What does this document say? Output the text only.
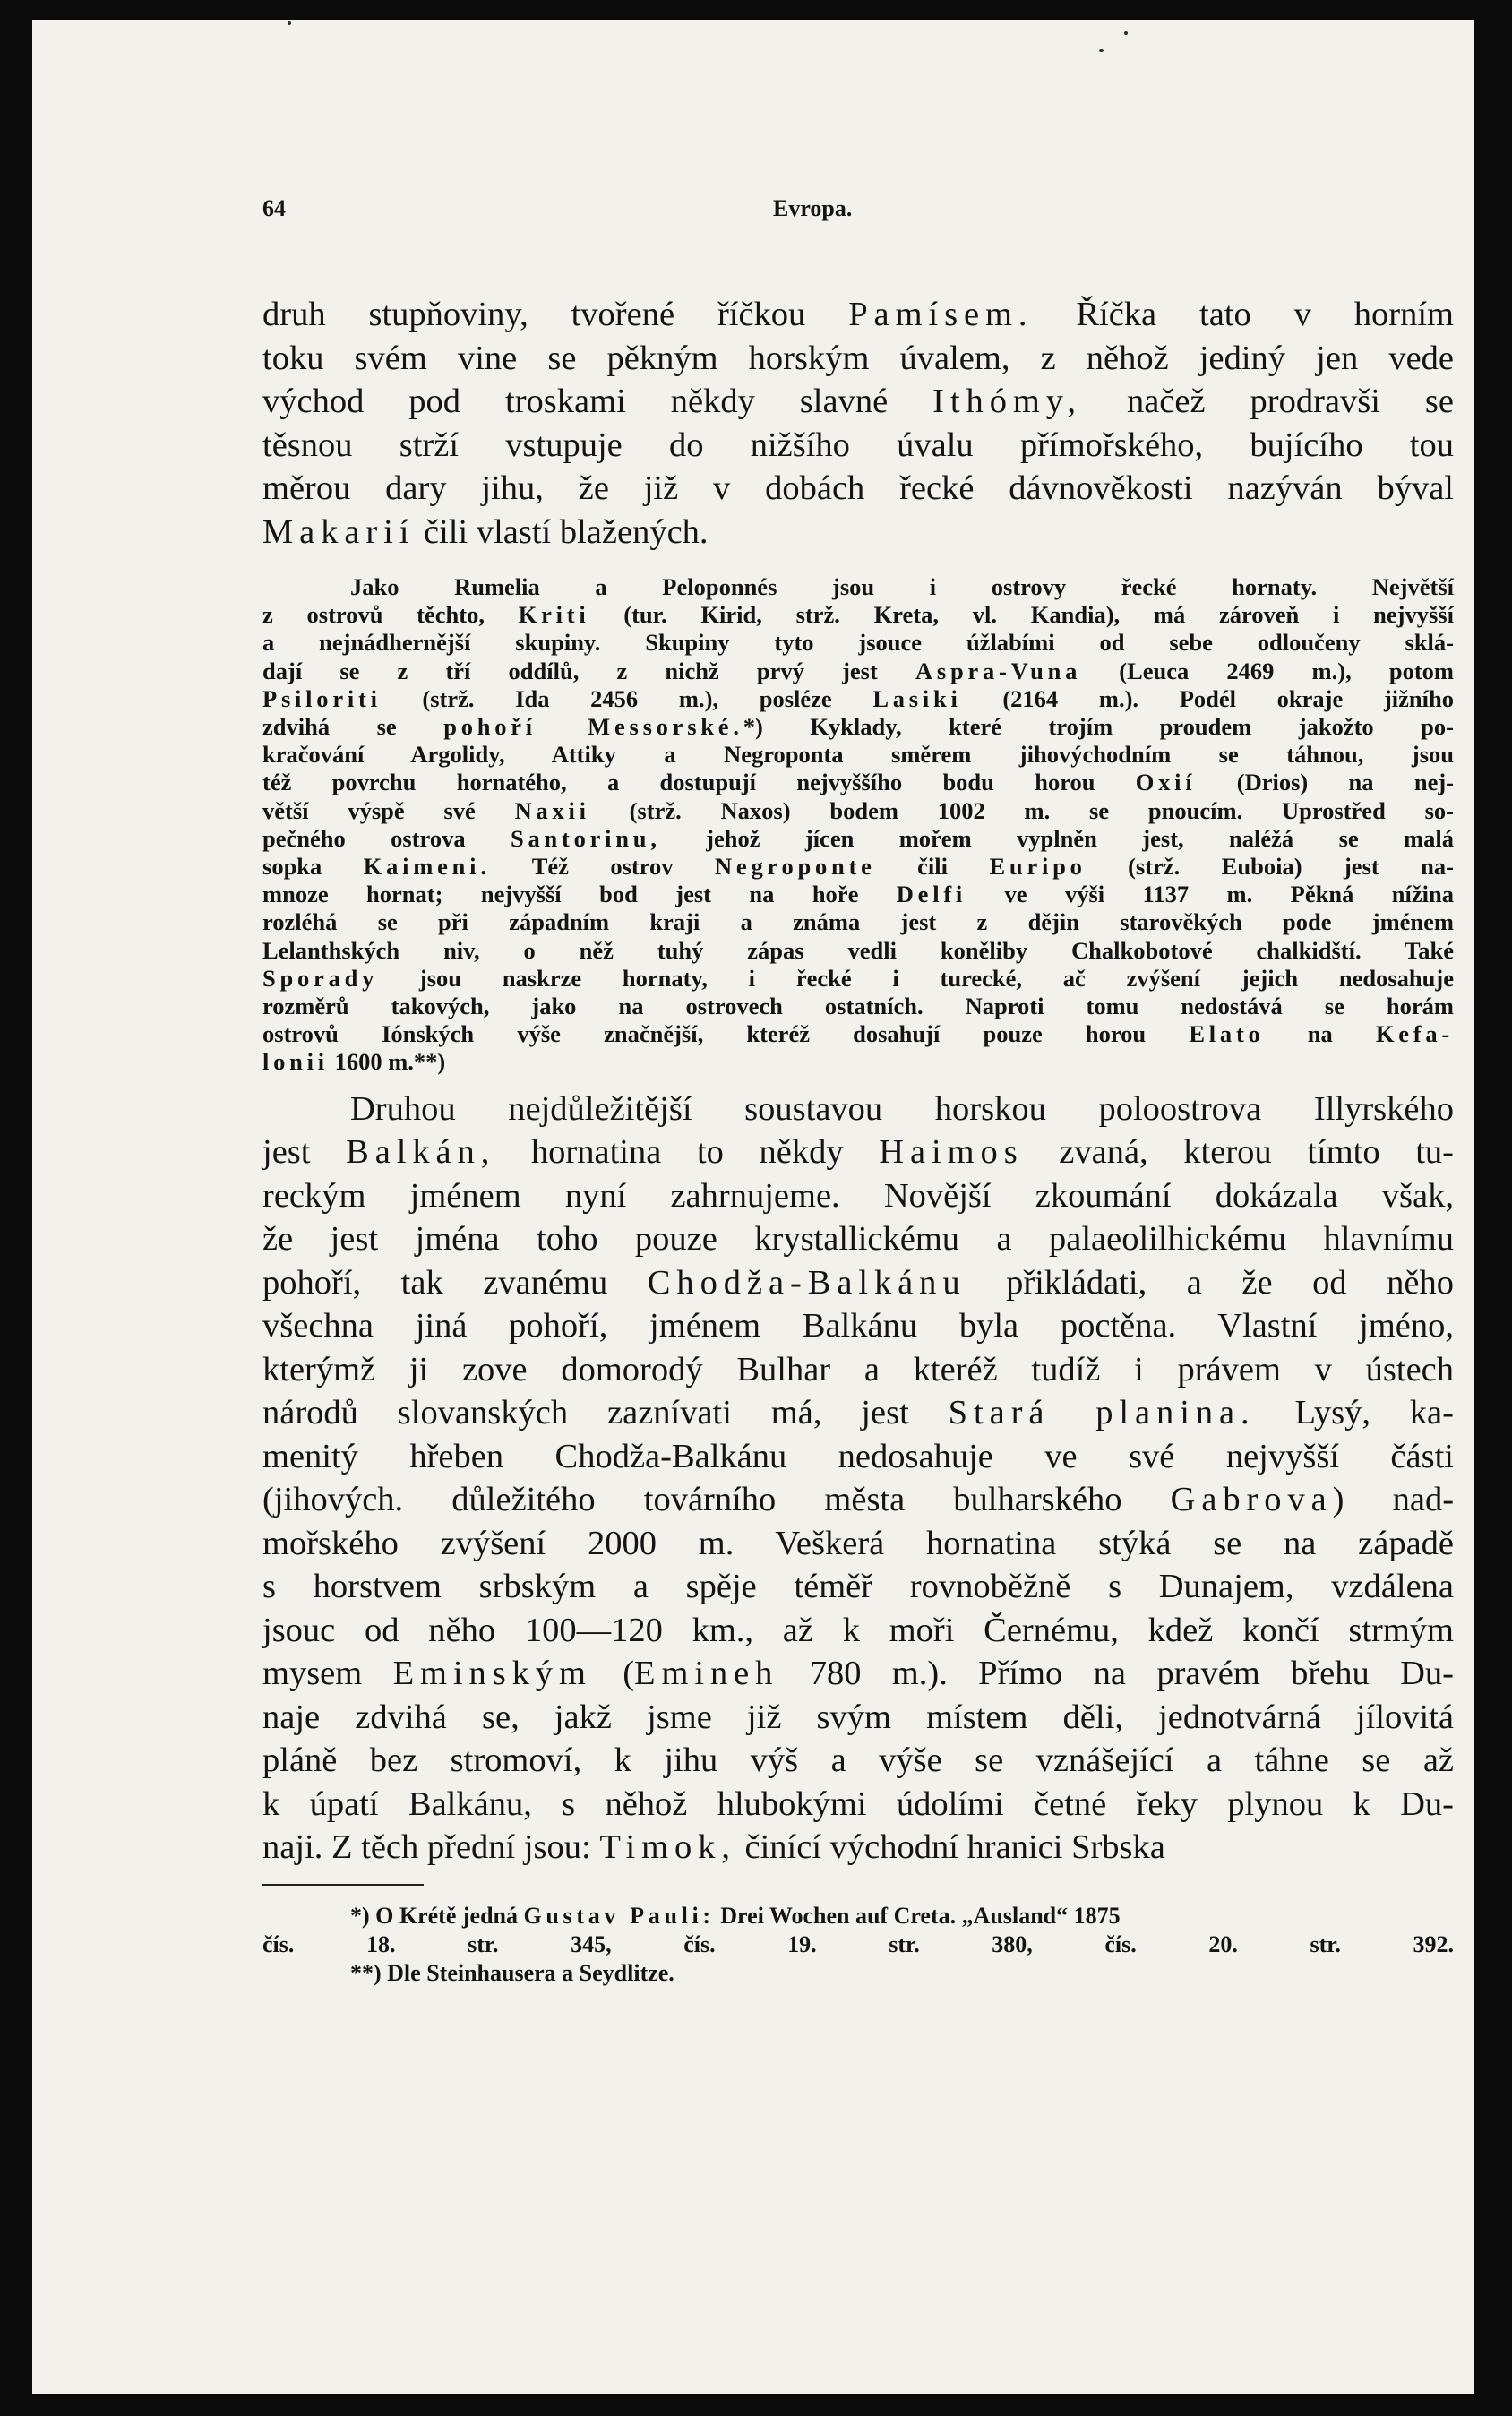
64	Evropa.

druh stupňoviny, tvořené říčkou Pamísem. Říčka tato v horním
toku svém vine se pěkným horským úvalem, z něhož jediný jen vede
východ pod troskami někdy slavné Ithómy, načež prodravši se
těsnou strží vstupuje do nižšího úvalu přímořského, bujícího tou
měrou dary jihu, že již v dobách řecké dávnověkosti nazýván býval
Makarií čili vlastí blažených.

Jako Rumelia a Peloponnés jsou i ostrovy řecké hornaty. Největší
z ostrovů těchto, Kriti (tur. Kirid, strž. Kreta, vl. Kandia), má zároveň i nejvyšší
a nejnádhernější skupiny. Skupiny tyto jsouce úžlabími od sebe odloučeny sklá-
dají se z tří oddílů, z nichž prvý jest Aspra-Vuna (Leuca 2469 m.), potom
Psiloriti (strž. Ida 2456 m.), posléze Lasiki (2164 m.). Podél okraje jižního
zdvihá se pohoří Messorské.*) Kyklady, které trojím proudem jakožto po-
kračování Argolidy, Attiky a Negroponta směrem jihovýchodním se táhnou, jsou
též povrchu hornatého, a dostupují nejvyššího bodu horou Oxií (Drios) na nej-
větší výspě své Naxii (strž. Naxos) bodem 1002 m. se pnoucím. Uprostřed so-
pečného ostrova Santorinu, jehož jícen mořem vyplněn jest, naléžá se malá
sopka Kaimeni. Též ostrov Negroponte čili Euripo (strž. Euboia) jest na-
mnoze hornat; nejvyšší bod jest na hoře Delfi ve výši 1137 m. Pěkná nížina
rozléhá se při západním kraji a známa jest z dějin starověkých pode jménem
Lelanthských niv, o něž tuhý zápas vedli koněliby Chalkobotové chalkidští. Také
Sporady jsou naskrze hornaty, i řecké i turecké, ač zvýšení jejich nedosahuje
rozměrů takových, jako na ostrovech ostatních. Naproti tomu nedostává se horám
ostrovů Iónských výše značnější, kteréž dosahují pouze horou Elato na Kefa-
lonii 1600 m.**)

Druhou nejdůležitější soustavou horskou poloostrova Illyrského
jest Balkán, hornatina to někdy Haimos zvaná, kterou tímto tu-
reckým jménem nyní zahrnujeme. Novější zkoumání dokázala však,
že jest jména toho pouze krystallickému a palaeolilhickému hlavnímu
pohoří, tak zvanému Chodža-Balkánu přikládati, a že od něho
všechna jiná pohoří, jménem Balkánu byla poctěna. Vlastní jméno,
kterýmž ji zove domorodý Bulhar a kteréž tudíž i právem v ústech
národů slovanských zaznívati má, jest Stará planina. Lysý, ka-
menitý hřeben Chodža-Balkánu nedosahuje ve své nejvyšší části
(jihových. důležitého továrního města bulharského Gabrova) nad-
mořského zvýšení 2000 m. Veškerá hornatina stýká se na západě
s horstvem srbským a spěje téměř rovnoběžně s Dunajem, vzdálena
jsouc od něho 100—120 km., až k moři Černému, kdež končí strmým
mysem Eminským (Emineh 780 m.). Přímo na pravém břehu Du-
naje zdvihá se, jakž jsme již svým místem děli, jednotvárná jílovitá
pláně bez stromoví, k jihu výš a výše se vznášející a táhne se až
k úpatí Balkánu, s něhož hlubokými údolími četné řeky plynou k Du-
naji. Z těch přední jsou: Timok, činící východní hranici Srbska

*) O Krétě jedná Gustav Pauli: Drei Wochen auf Creta. „Ausland“ 1875
čís. 18. str. 345, čís. 19. str. 380, čís. 20. str. 392.
**) Dle Steinhausera a Seydlitze.
